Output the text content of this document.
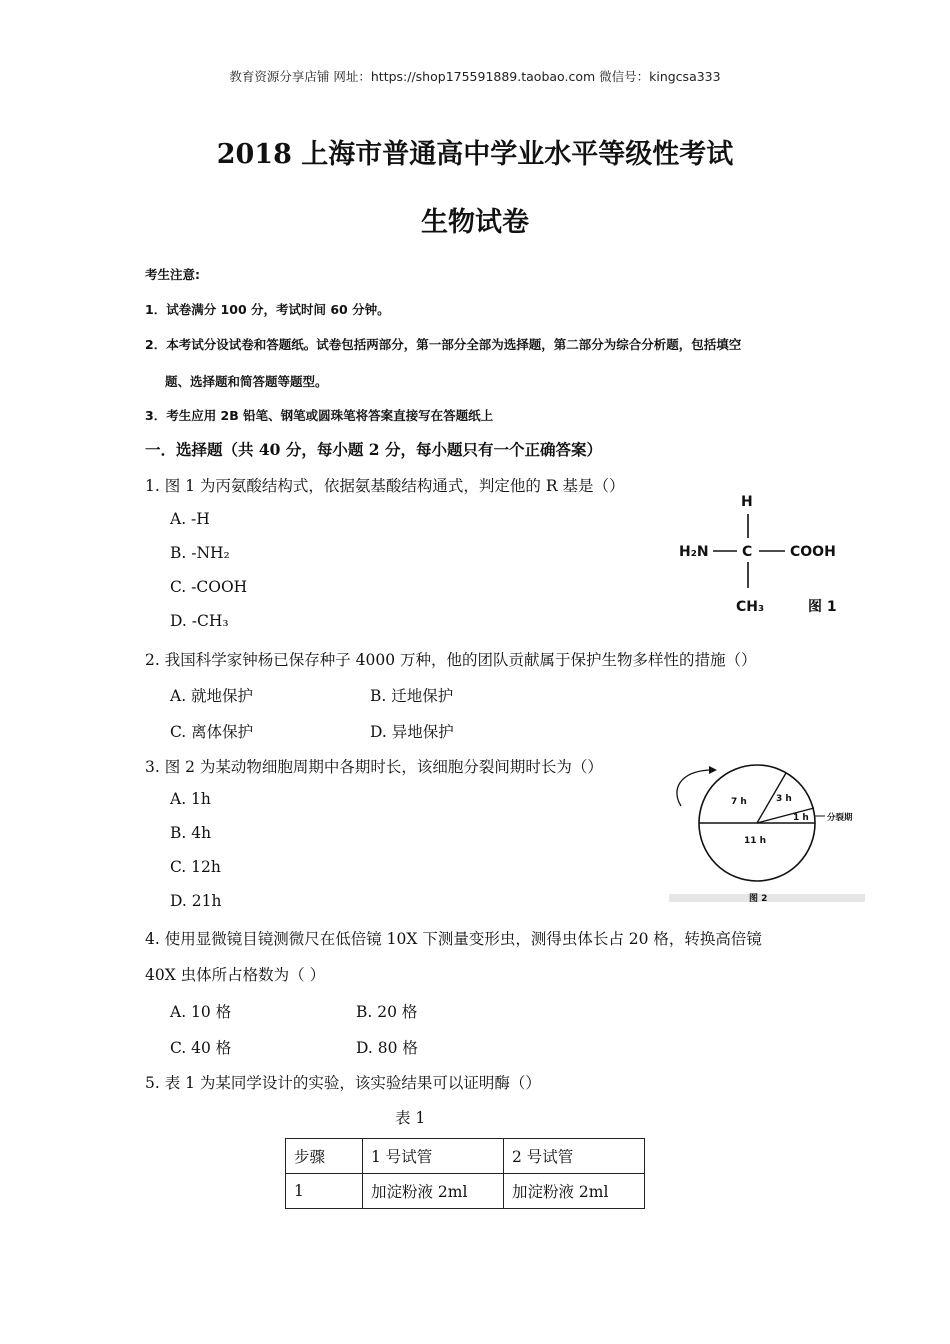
教育资源分享店铺 网址：https://shop175591889.taobao.com 微信号：kingcsa333
2018 上海市普通高中学业水平等级性考试
生物试卷
考生注意:
1．试卷满分 100 分，考试时间 60 分钟。
2．本考试分设试卷和答题纸。试卷包括两部分，第一部分全部为选择题，第二部分为综合分析题，包括填空
题、选择题和简答题等题型。
3．考生应用 2B 铅笔、钢笔或圆珠笔将答案直接写在答题纸上
一．选择题（共 40 分，每小题 2 分，每小题只有一个正确答案）
1. 图 1 为丙氨酸结构式，依据氨基酸结构通式，判定他的 R 基是（）
A. -H
B. -NH₂
C. -COOH
D. -CH₃
H
H₂N C	COOH
CH₃	图 1
2. 我国科学家钟杨已保存种子 4000 万种，他的团队贡献属于保护生物多样性的措施（）
A. 就地保护	B. 迁地保护
C. 离体保护	D. 异地保护
3. 图 2 为某动物细胞周期中各期时长，该细胞分裂间期时长为（）
A. 1h
B. 4h
C. 12h
D. 21h
7 h	3 h
1 h
11 h
分裂期
图 2
4. 使用显微镜目镜测微尺在低倍镜 10X 下测量变形虫，测得虫体长占 20 格，转换高倍镜
40X 虫体所占格数为（ ）
A. 10 格	B. 20 格
C. 40 格	D. 80 格
5. 表 1 为某同学设计的实验，该实验结果可以证明酶（）
表 1
步骤	1 号试管	2 号试管
1	加淀粉液 2ml	加淀粉液 2ml
